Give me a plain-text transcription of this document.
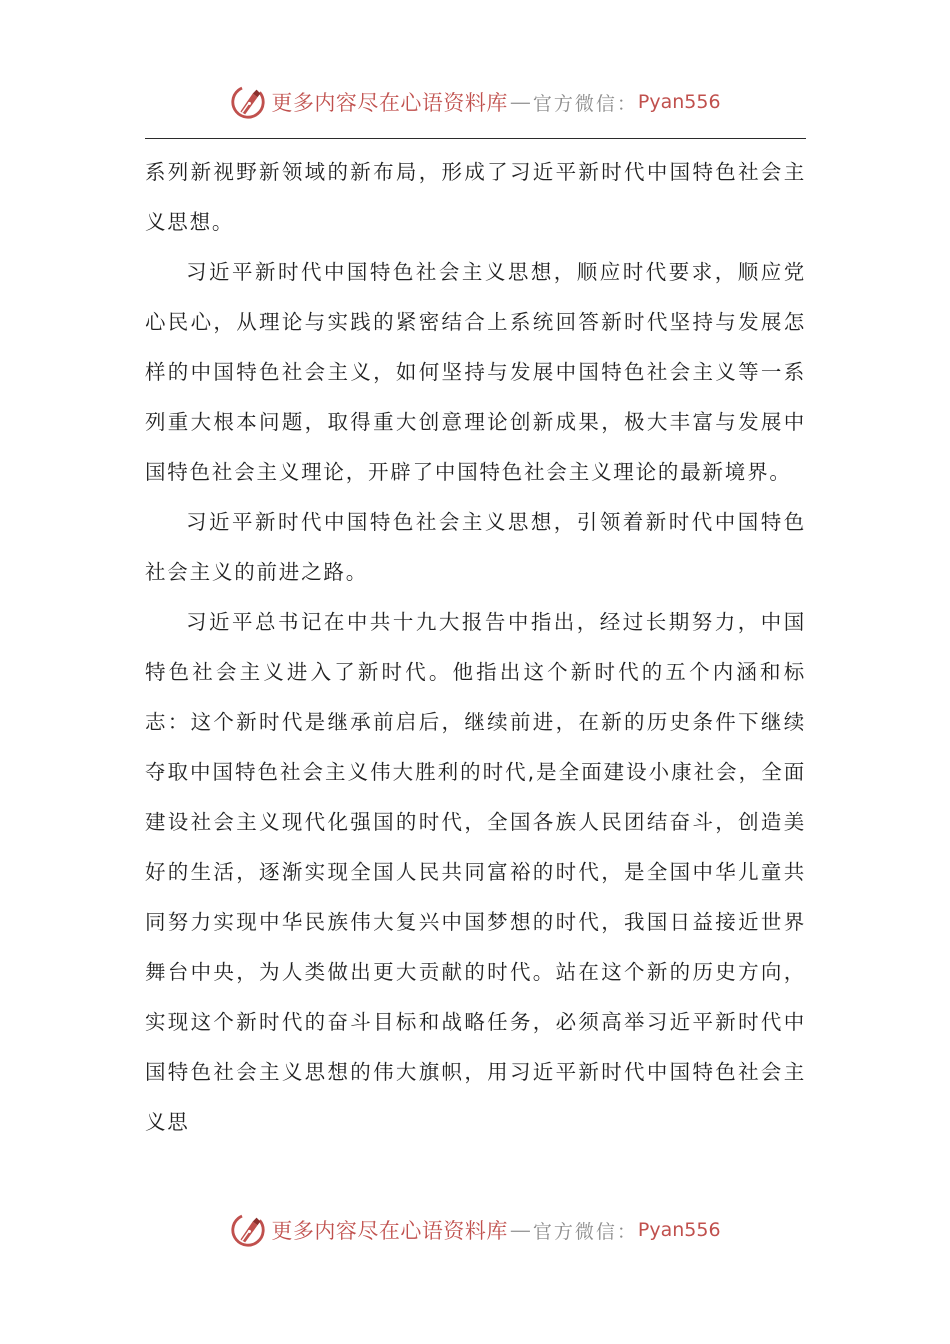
更多内容尽在心语资料库 — 官方微信： Pyan556

系列新视野新领域的新布局，形成了习近平新时代中国特色社会主义思想。

习近平新时代中国特色社会主义思想，顺应时代要求，顺应党心民心，从理论与实践的紧密结合上系统回答新时代坚持与发展怎样的中国特色社会主义，如何坚持与发展中国特色社会主义等一系列重大根本问题，取得重大创意理论创新成果，极大丰富与发展中国特色社会主义理论，开辟了中国特色社会主义理论的最新境界。

习近平新时代中国特色社会主义思想，引领着新时代中国特色社会主义的前进之路。

习近平总书记在中共十九大报告中指出，经过长期努力，中国特色社会主义进入了新时代。他指出这个新时代的五个内涵和标志：这个新时代是继承前启后，继续前进，在新的历史条件下继续夺取中国特色社会主义伟大胜利的时代,是全面建设小康社会，全面建设社会主义现代化强国的时代，全国各族人民团结奋斗，创造美好的生活，逐渐实现全国人民共同富裕的时代，是全国中华儿童共同努力实现中华民族伟大复兴中国梦想的时代，我国日益接近世界舞台中央，为人类做出更大贡献的时代。站在这个新的历史方向，实现这个新时代的奋斗目标和战略任务，必须高举习近平新时代中国特色社会主义思想的伟大旗帜，用习近平新时代中国特色社会主义思

更多内容尽在心语资料库 — 官方微信： Pyan556
